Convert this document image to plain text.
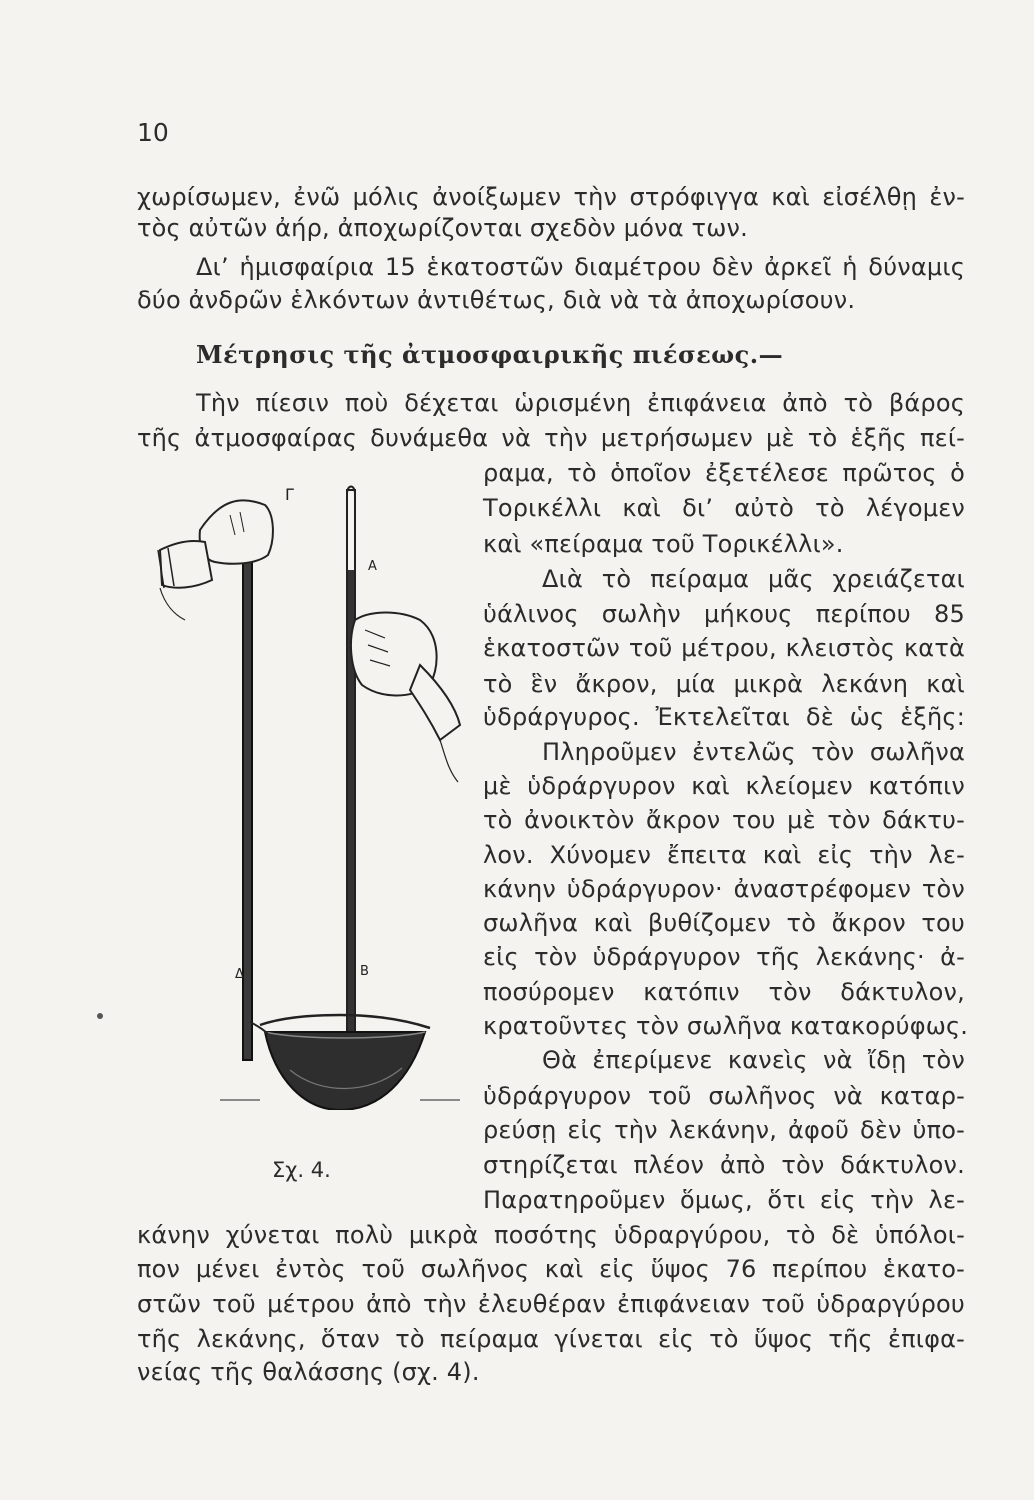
10
χωρίσωμεν, ἐνῶ μόλις ἀνοίξωμεν τὴν στρόφιγγα καὶ εἰσέλθῃ ἐν-
τὸς αὐτῶν ἀήρ, ἀποχωρίζονται σχεδὸν μόνα των.
Δι’ ἡμισφαίρια 15 ἑκατοστῶν διαμέτρου δὲν ἀρκεῖ ἡ δύναμις
δύο ἀνδρῶν ἑλκόντων ἀντιθέτως, διὰ νὰ τὰ ἀποχωρίσουν.
Μέτρησις τῆς ἀτμοσφαιρικῆς πιέσεως.—
Τὴν πίεσιν ποὺ δέχεται ὡρισμένη ἐπιφάνεια ἀπὸ τὸ βάρος
τῆς ἀτμοσφαίρας δυνάμεθα νὰ τὴν μετρήσωμεν μὲ τὸ ἑξῆς πεί-
ραμα, τὸ ὁποῖον ἐξετέλεσε πρῶτος ὁ
Τορικέλλι καὶ δι’ αὐτὸ τὸ λέγομεν
καὶ «πείραμα τοῦ Τορικέλλι».
Διὰ τὸ πείραμα μᾶς χρειάζεται
ὑάλινος σωλὴν μήκους περίπου 85
ἑκατοστῶν τοῦ μέτρου, κλειστὸς κατὰ
τὸ ἓν ἄκρον, μία μικρὰ λεκάνη καὶ
ὑδράργυρος. Ἐκτελεῖται δὲ ὡς ἑξῆς:
Πληροῦμεν ἐντελῶς τὸν σωλῆνα
μὲ ὑδράργυρον καὶ κλείομεν κατόπιν
τὸ ἀνοικτὸν ἄκρον του μὲ τὸν δάκτυ-
λον. Χύνομεν ἔπειτα καὶ εἰς τὴν λε-
κάνην ὑδράργυρον· ἀναστρέφομεν τὸν
σωλῆνα καὶ βυθίζομεν τὸ ἄκρον του
εἰς τὸν ὑδράργυρον τῆς λεκάνης· ἀ-
ποσύρομεν κατόπιν τὸν δάκτυλον,
κρατοῦντες τὸν σωλῆνα κατακορύφως.
Θὰ ἐπερίμενε κανεὶς νὰ ἴδῃ τὸν
ὑδράργυρον τοῦ σωλῆνος νὰ καταρ-
ρεύσῃ εἰς τὴν λεκάνην, ἀφοῦ δὲν ὑπο-
στηρίζεται πλέον ἀπὸ τὸν δάκτυλον.
Παρατηροῦμεν ὅμως, ὅτι εἰς τὴν λε-
κάνην χύνεται πολὺ μικρὰ ποσότης ὑδραργύρου, τὸ δὲ ὑπόλοι-
πον μένει ἐντὸς τοῦ σωλῆνος καὶ εἰς ὕψος 76 περίπου ἑκατο-
στῶν τοῦ μέτρου ἀπὸ τὴν ἐλευθέραν ἐπιφάνειαν τοῦ ὑδραργύρου
τῆς λεκάνης, ὅταν τὸ πείραμα γίνεται εἰς τὸ ὕψος τῆς ἐπιφα-
νείας τῆς θαλάσσης (σχ. 4).
Γ
Α
Δ	Β
Σχ. 4.
